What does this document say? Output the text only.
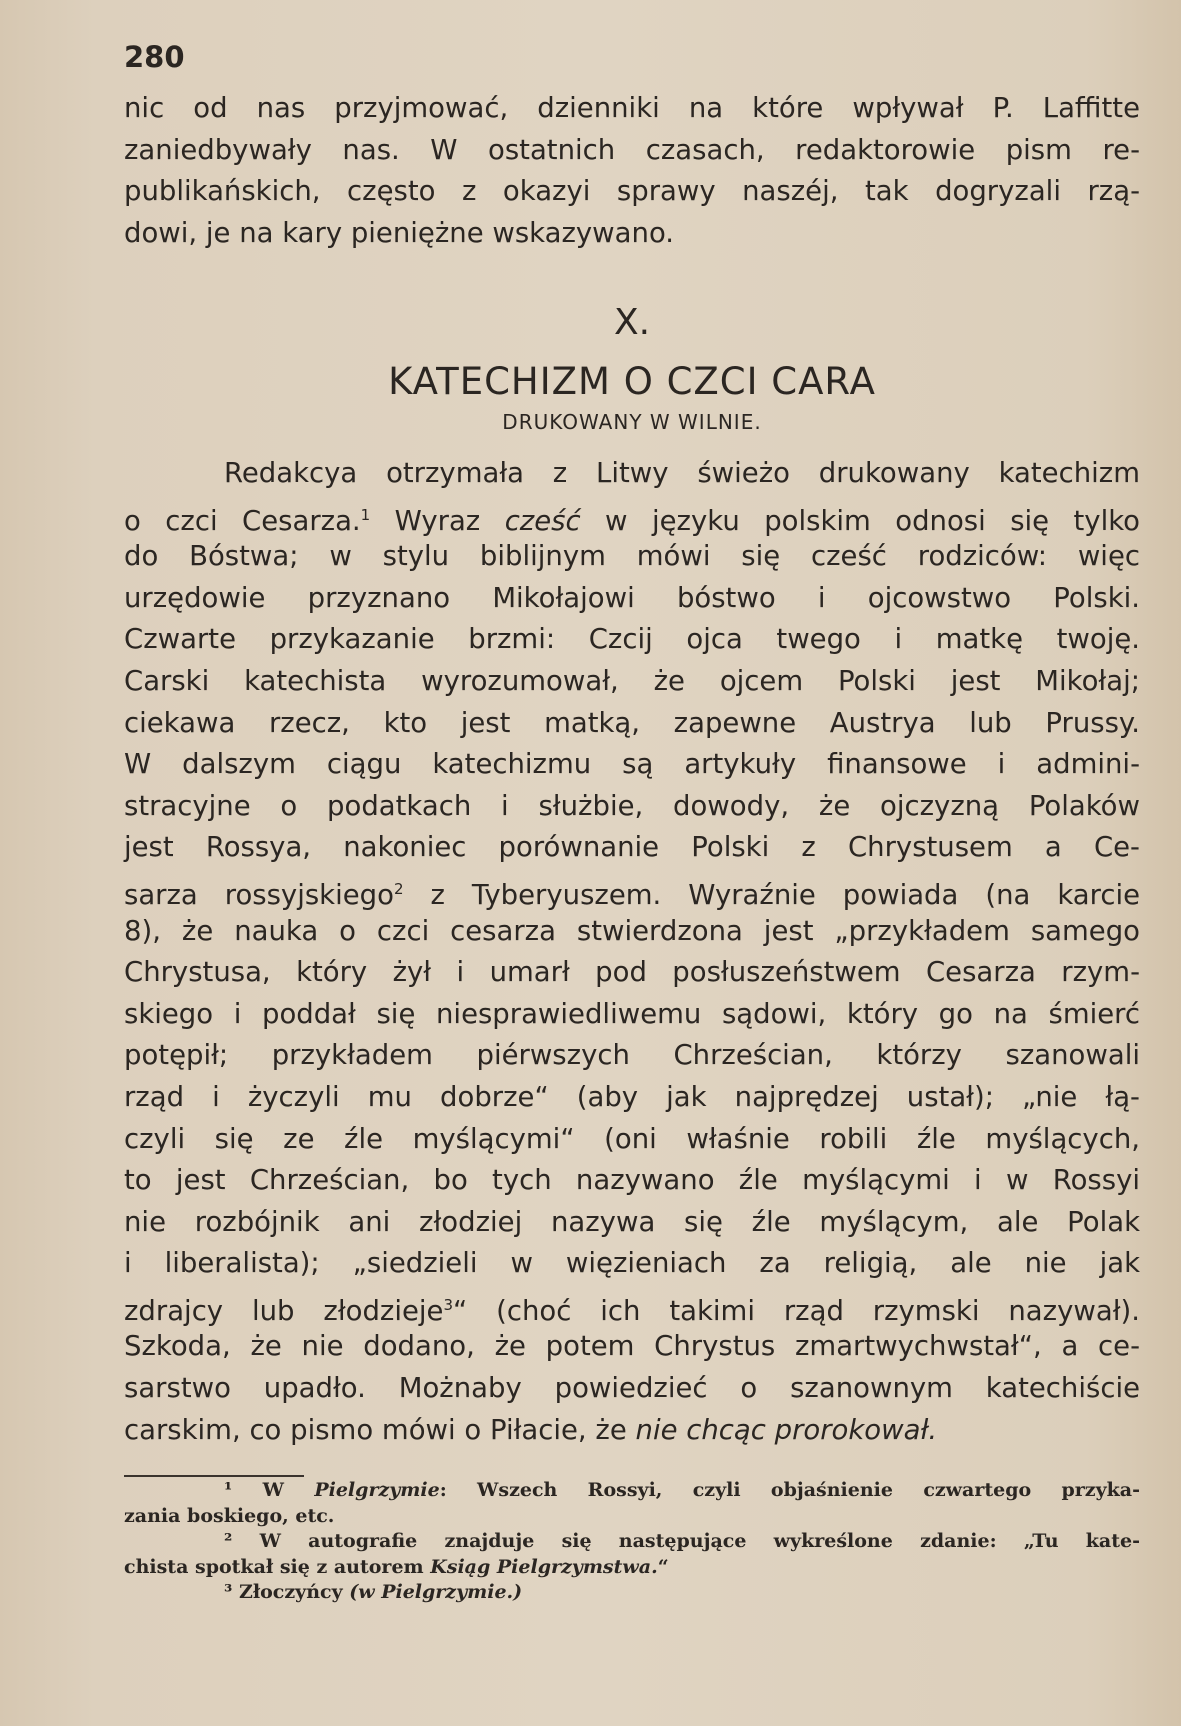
280
nic od nas przyjmować, dzienniki na które wpływał P. Laffitte
zaniedbywały nas. W ostatnich czasach, redaktorowie pism re-
publikańskich, często z okazyi sprawy naszéj, tak dogryzali rzą-
dowi, je na kary pieniężne wskazywano.
X.
KATECHIZM O CZCI CARA
DRUKOWANY W WILNIE.
Redakcya otrzymała z Litwy świeżo drukowany katechizm
o czci Cesarza.$^1$ Wyraz cześć w języku polskim odnosi się tylko
do Bóstwa; w stylu biblijnym mówi się cześć rodziców: więc
urzędowie przyznano Mikołajowi bóstwo i ojcowstwo Polski.
Czwarte przykazanie brzmi: Czcij ojca twego i matkę twoję.
Carski katechista wyrozumował, że ojcem Polski jest Mikołaj;
ciekawa rzecz, kto jest matką, zapewne Austrya lub Prussy.
W dalszym ciągu katechizmu są artykuły finansowe i admini-
stracyjne o podatkach i służbie, dowody, że ojczyzną Polaków
jest Rossya, nakoniec porównanie Polski z Chrystusem a Ce-
sarza rossyjskiego$^2$ z Tyberyuszem. Wyraźnie powiada (na karcie
8), że nauka o czci cesarza stwierdzona jest „przykładem samego
Chrystusa, który żył i umarł pod posłuszeństwem Cesarza rzym-
skiego i poddał się niesprawiedliwemu sądowi, który go na śmierć
potępił; przykładem piérwszych Chrześcian, którzy szanowali
rząd i życzyli mu dobrze“ (aby jak najprędzej ustał); „nie łą-
czyli się ze źle myślącymi“ (oni właśnie robili źle myślących,
to jest Chrześcian, bo tych nazywano źle myślącymi i w Rossyi
nie rozbójnik ani złodziej nazywa się źle myślącym, ale Polak
i liberalista); „siedzieli w więzieniach za religią, ale nie jak
zdrajcy lub złodzieje$^3$“ (choć ich takimi rząd rzymski nazywał).
Szkoda, że nie dodano, że potem Chrystus zmartwychwstał“, a ce-
sarstwo upadło. Możnaby powiedzieć o szanownym katechiście
carskim, co pismo mówi o Piłacie, że nie chcąc prorokował.
¹ W Pielgrzymie: Wszech Rossyi, czyli objaśnienie czwartego przyka-
zania boskiego, etc.
² W autografie znajduje się następujące wykreślone zdanie: „Tu kate-
chista spotkał się z autorem Ksiąg Pielgrzymstwa.“
³ Złoczyńcy (w Pielgrzymie.)
